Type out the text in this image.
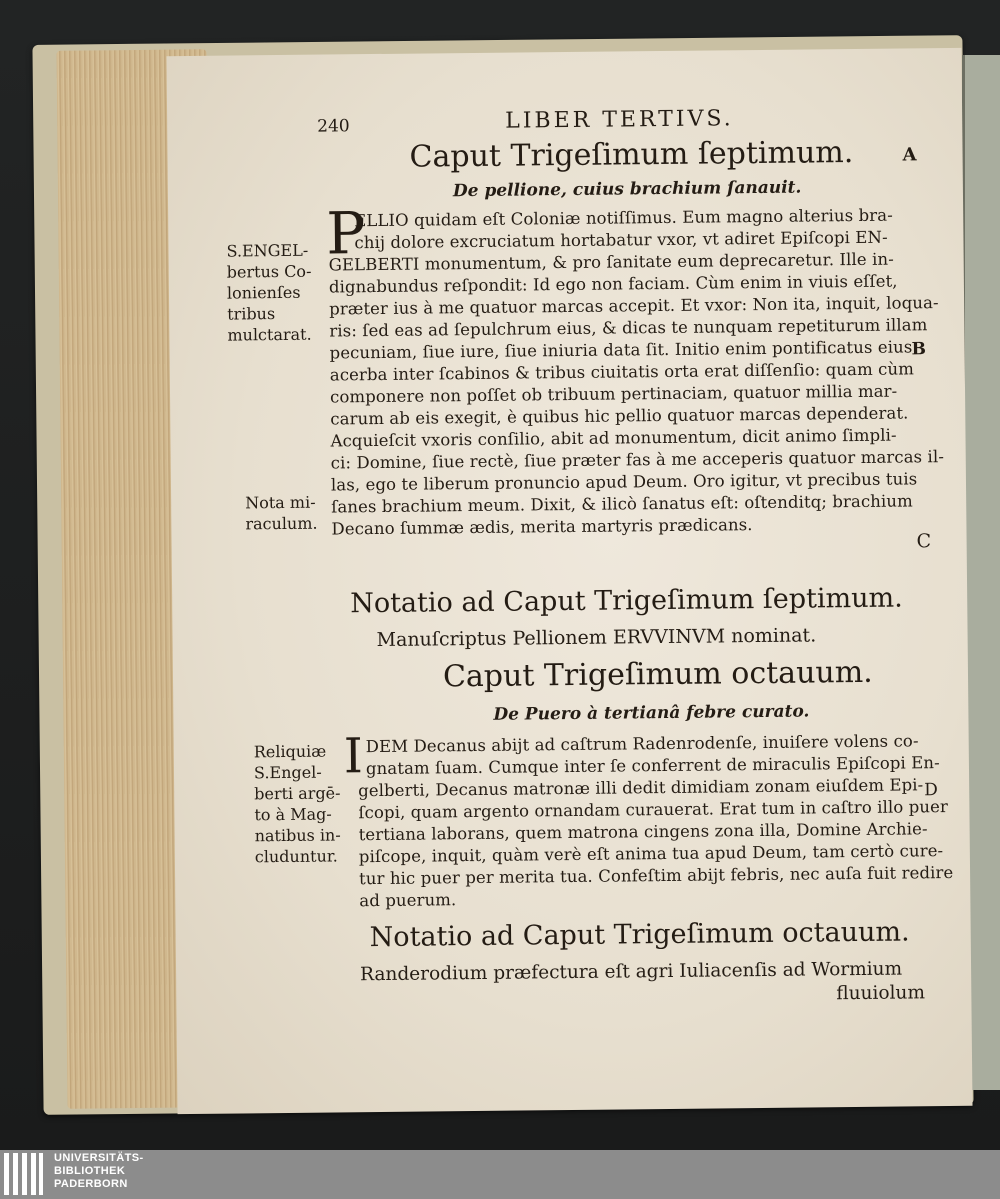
240	LIBER TERTIVS.
Caput Trigeſimum ſeptimum.	A
De pellione, cuius brachium ſanauit.
P
ELLIO quidam eſt Coloniæ notiſſimus. Eum magno alterius bra-
chij dolore excruciatum hortabatur vxor, vt adiret Epiſcopi EN-
GELBERTI monumentum, & pro ſanitate eum deprecaretur. Ille in-
dignabundus reſpondit: Id ego non faciam. Cùm enim in viuis eſſet,
præter ius à me quatuor marcas accepit. Et vxor: Non ita, inquit, loqua-
ris: ſed eas ad ſepulchrum eius, & dicas te nunquam repetiturum illam
pecuniam, ſiue iure, ſiue iniuria data ſit. Initio enim pontificatus eius
acerba inter ſcabinos & tribus ciuitatis orta erat diſſenſio: quam cùm
componere non poſſet ob tribuum pertinaciam, quatuor millia mar-
carum ab eis exegit, è quibus hic pellio quatuor marcas dependerat.
Acquieſcit vxoris conſilio, abit ad monumentum, dicit animo ſimpli-
ci: Domine, ſiue rectè, ſiue præter fas à me acceperis quatuor marcas il-
las, ego te liberum pronuncio apud Deum. Oro igitur, vt precibus tuis
ſanes brachium meum. Dixit, & ilicò ſanatus eſt: oſtenditq; brachium
Decano ſummæ ædis, merita martyris prædicans.
B
C
S.ENGEL-
bertus Co-
lonienſes
tribus
mulctarat.
Nota mi-
raculum.
Notatio ad Caput Trigeſimum ſeptimum.
Manuſcriptus Pellionem ERVVINVM nominat.
Caput Trigeſimum octauum.
De Puero à tertianâ febre curato.
I DEM Decanus abijt ad caſtrum Radenrodenſe, inuiſere volens co-
gnatam ſuam. Cumque inter ſe conferrent de miraculis Epiſcopi En-
gelberti, Decanus matronæ illi dedit dimidiam zonam eiuſdem Epi-
ſcopi, quam argento ornandam curauerat. Erat tum in caſtro illo puer
tertiana laborans, quem matrona cingens zona illa, Domine Archie-
piſcope, inquit, quàm verè eſt anima tua apud Deum, tam certò cure-
tur hic puer per merita tua. Confeſtim abijt febris, nec auſa fuit redire
ad puerum.
D
Reliquiæ
S.Engel-
berti argē-
to à Mag-
natibus in-
cluduntur.
Notatio ad Caput Trigeſimum octauum.
Randerodium præfectura eſt agri Iuliacenſis ad Wormium
fluuiolum
UNIVERSITÄTS-
BIBLIOTHEK
PADERBORN
